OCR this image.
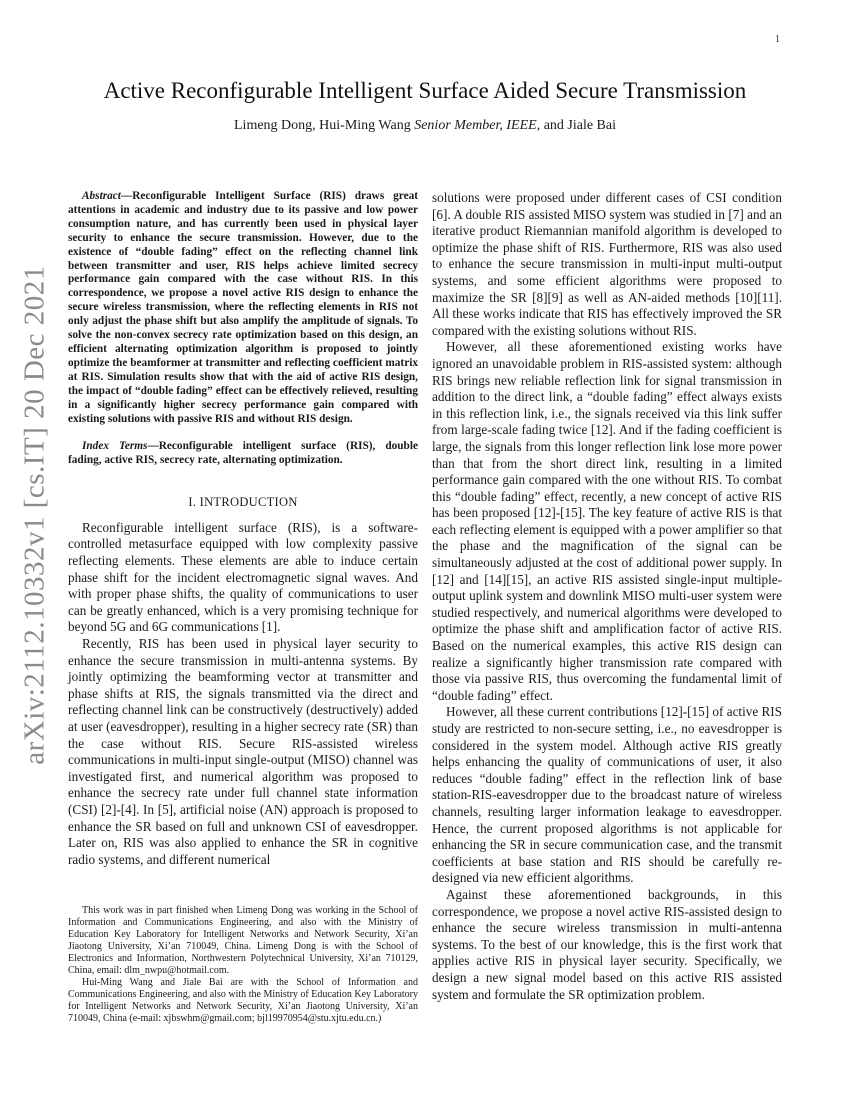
1
arXiv:2112.10332v1 [cs.IT] 20 Dec 2021
Active Reconfigurable Intelligent Surface Aided Secure Transmission
Limeng Dong, Hui-Ming Wang Senior Member, IEEE, and Jiale Bai

Abstract—Reconfigurable Intelligent Surface (RIS) draws great attentions in academic and industry due to its passive and low power consumption nature, and has currently been used in physical layer security to enhance the secure transmission. However, due to the existence of “double fading” effect on the reflecting channel link between transmitter and user, RIS helps achieve limited secrecy performance gain compared with the case without RIS. In this correspondence, we propose a novel active RIS design to enhance the secure wireless transmission, where the reflecting elements in RIS not only adjust the phase shift but also amplify the amplitude of signals. To solve the non-convex secrecy rate optimization based on this design, an efficient alternating optimization algorithm is proposed to jointly optimize the beamformer at transmitter and reflecting coefficient matrix at RIS. Simulation results show that with the aid of active RIS design, the impact of “double fading” effect can be effectively relieved, resulting in a significantly higher secrecy performance gain compared with existing solutions with passive RIS and without RIS design.

Index Terms—Reconfigurable intelligent surface (RIS), double fading, active RIS, secrecy rate, alternating optimization.

I. INTRODUCTION

Reconfigurable intelligent surface (RIS), is a software-controlled metasurface equipped with low complexity passive reflecting elements. These elements are able to induce certain phase shift for the incident electromagnetic signal waves. And with proper phase shifts, the quality of communications to user can be greatly enhanced, which is a very promising technique for beyond 5G and 6G communications [1].

Recently, RIS has been used in physical layer security to enhance the secure transmission in multi-antenna systems. By jointly optimizing the beamforming vector at transmitter and phase shifts at RIS, the signals transmitted via the direct and reflecting channel link can be constructively (destructively) added at user (eavesdropper), resulting in a higher secrecy rate (SR) than the case without RIS. Secure RIS-assisted wireless communications in multi-input single-output (MISO) channel was investigated first, and numerical algorithm was proposed to enhance the secrecy rate under full channel state information (CSI) [2]-[4]. In [5], artificial noise (AN) approach is proposed to enhance the SR based on full and unknown CSI of eavesdropper. Later on, RIS was also applied to enhance the SR in cognitive radio systems, and different numerical

This work was in part finished when Limeng Dong was working in the School of Information and Communications Engineering, and also with the Ministry of Education Key Laboratory for Intelligent Networks and Network Security, Xi’an Jiaotong University, Xi’an 710049, China. Limeng Dong is with the School of Electronics and Information, Northwestern Polytechnical University, Xi’an 710129, China, email: dlm_nwpu@hotmail.com.

Hui-Ming Wang and Jiale Bai are with the School of Information and Communications Engineering, and also with the Ministry of Education Key Laboratory for Intelligent Networks and Network Security, Xi’an Jiaotong University, Xi’an 710049, China (e-mail: xjbswhm@gmail.com; bjl19970954@stu.xjtu.edu.cn.)

solutions were proposed under different cases of CSI condition [6]. A double RIS assisted MISO system was studied in [7] and an iterative product Riemannian manifold algorithm is developed to optimize the phase shift of RIS. Furthermore, RIS was also used to enhance the secure transmission in multi-input multi-output systems, and some efficient algorithms were proposed to maximize the SR [8][9] as well as AN-aided methods [10][11]. All these works indicate that RIS has effectively improved the SR compared with the existing solutions without RIS.

However, all these aforementioned existing works have ignored an unavoidable problem in RIS-assisted system: although RIS brings new reliable reflection link for signal transmission in addition to the direct link, a “double fading” effect always exists in this reflection link, i.e., the signals received via this link suffer from large-scale fading twice [12]. And if the fading coefficient is large, the signals from this longer reflection link lose more power than that from the short direct link, resulting in a limited performance gain compared with the one without RIS. To combat this “double fading” effect, recently, a new concept of active RIS has been proposed [12]-[15]. The key feature of active RIS is that each reflecting element is equipped with a power amplifier so that the phase and the magnification of the signal can be simultaneously adjusted at the cost of additional power supply. In [12] and [14][15], an active RIS assisted single-input multiple-output uplink system and downlink MISO multi-user system were studied respectively, and numerical algorithms were developed to optimize the phase shift and amplification factor of active RIS. Based on the numerical examples, this active RIS design can realize a significantly higher transmission rate compared with those via passive RIS, thus overcoming the fundamental limit of “double fading” effect.

However, all these current contributions [12]-[15] of active RIS study are restricted to non-secure setting, i.e., no eavesdropper is considered in the system model. Although active RIS greatly helps enhancing the quality of communications of user, it also reduces “double fading” effect in the reflection link of base station-RIS-eavesdropper due to the broadcast nature of wireless channels, resulting larger information leakage to eavesdropper. Hence, the current proposed algorithms is not applicable for enhancing the SR in secure communication case, and the transmit coefficients at base station and RIS should be carefully re-designed via new efficient algorithms.

Against these aforementioned backgrounds, in this correspondence, we propose a novel active RIS-assisted design to enhance the secure wireless transmission in multi-antenna systems. To the best of our knowledge, this is the first work that applies active RIS in physical layer security. Specifically, we design a new signal model based on this active RIS assisted system and formulate the SR optimization problem.
